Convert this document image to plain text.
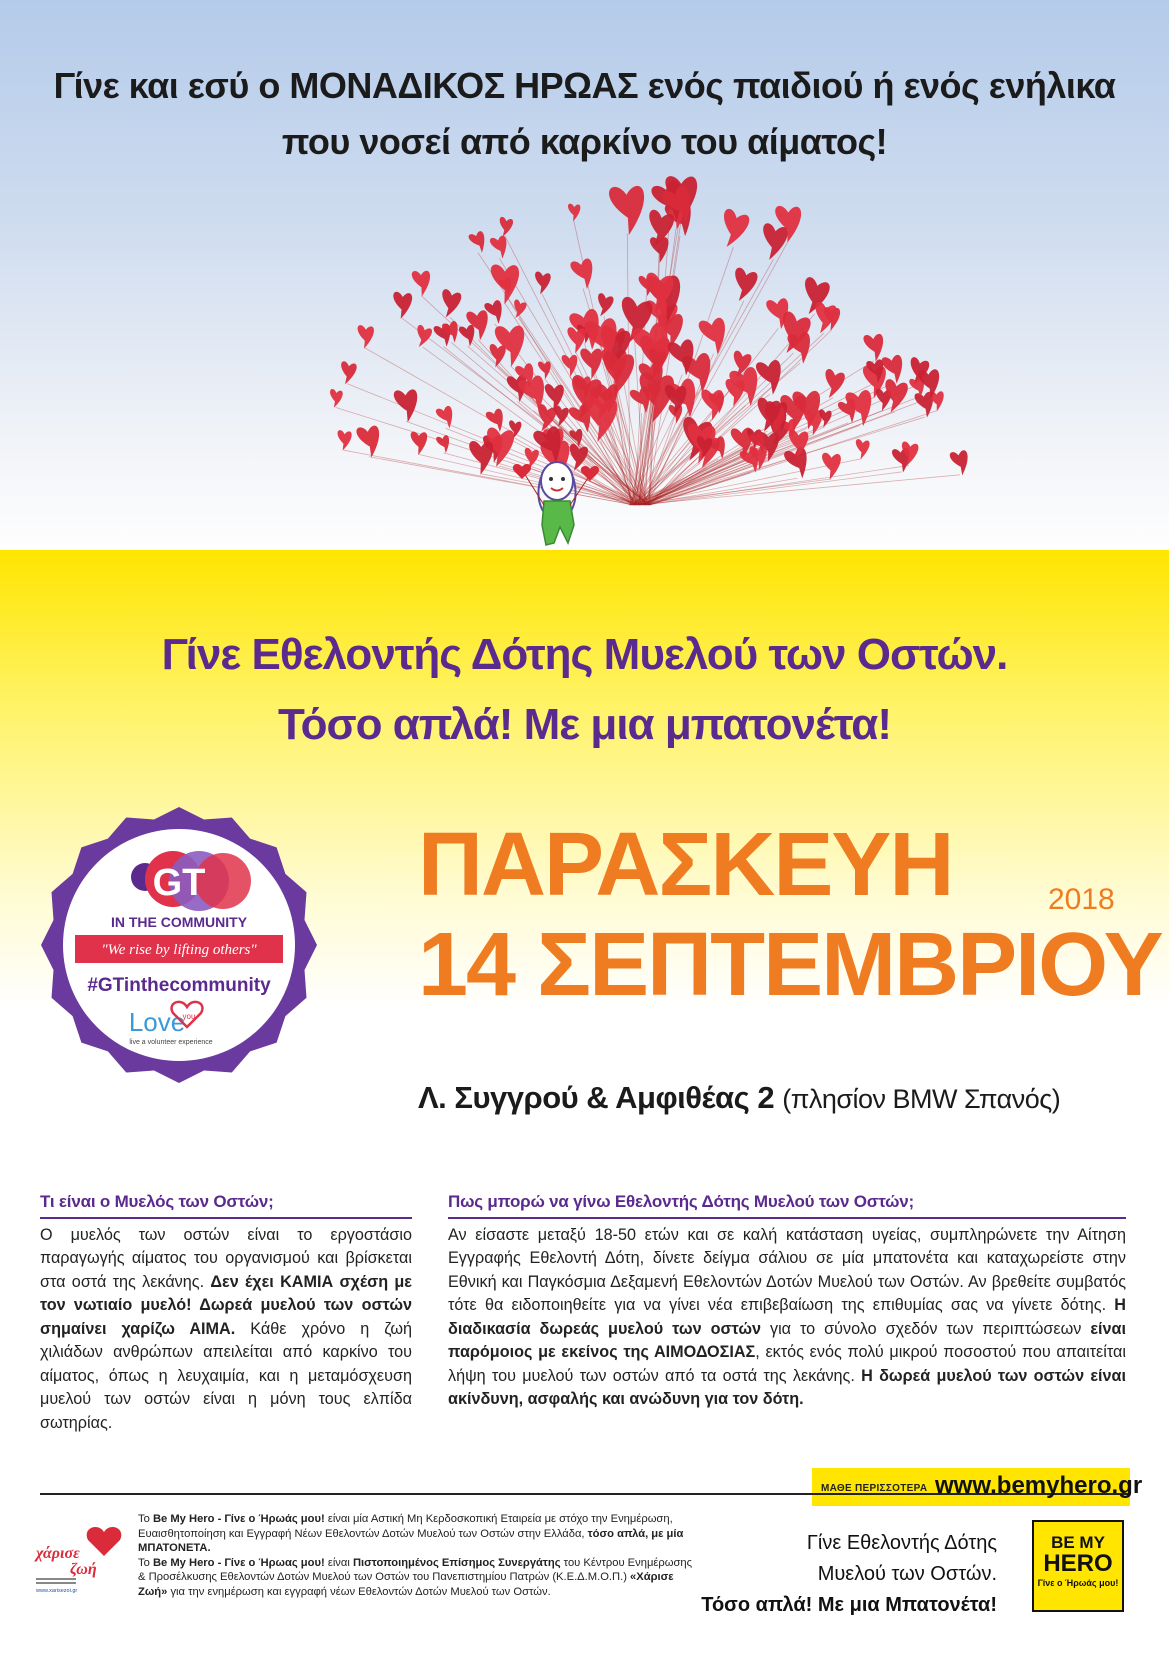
Γίνε και εσύ ο ΜΟΝΑΔΙΚΟΣ ΗΡΩΑΣ ενός παιδιού ή ενός ενήλικα
που νοσεί από καρκίνο του αίματος!
Γίνε Εθελοντής Δότης Μυελού των Οστών.
Τόσο απλά! Με μια μπατονέτα!
GT
IN THE COMMUNITY
"We rise by lifting others"
#GTinthecommunity
Love
you
live a volunteer experience
ΠΑΡΑΣΚΕΥΗ	2018
14 ΣΕΠΤΕΜΒΡΙΟΥ
Λ. Συγγρού & Αμφιθέας 2 (πλησίον BMW Σπανός)
Τι είναι ο Μυελός των Οστών;

Ο μυελός των οστών είναι το εργοστάσιο παραγωγής αίματος του οργανισμού και βρίσκεται στα οστά της λεκάνης. Δεν έχει ΚΑΜΙΑ σχέση με τον νωτιαίο μυελό! Δωρεά μυελού των οστών σημαίνει χαρίζω ΑΙΜΑ. Κάθε χρόνο η ζωή χιλιάδων ανθρώπων απειλείται από καρκίνο του αίματος, όπως η λευχαιμία, και η μεταμόσχευση μυελού των οστών είναι η μόνη τους ελπίδα σωτηρίας.

Πως μπορώ να γίνω Εθελοντής Δότης Μυελού των Οστών;

Αν είσαστε μεταξύ 18-50 ετών και σε καλή κατάσταση υγείας, συμπληρώνετε την Αίτηση Εγγραφής Εθελοντή Δότη, δίνετε δείγμα σάλιου σε μία μπατονέτα και καταχωρείστε στην Εθνική και Παγκόσμια Δεξαμενή Εθελοντών Δοτών Μυελού των Οστών. Αν βρεθείτε συμβατός τότε θα ειδοποιηθείτε για να γίνει νέα επιβεβαίωση της επιθυμίας σας να γίνετε δότης. Η διαδικασία δωρεάς μυελού των οστών για το σύνολο σχεδόν των περιπτώσεων είναι παρόμοιος με εκείνος της ΑΙΜΟΔΟΣΙΑΣ, εκτός ενός πολύ μικρού ποσοστού που απαιτείται λήψη του μυελού των οστών από τα οστά της λεκάνης. Η δωρεά μυελού των οστών είναι ακίνδυνη, ασφαλής και ανώδυνη για τον δότη.

ΜΑΘΕ ΠΕΡΙΣΣΟΤΕΡΑ www.bemyhero.gr
χάρισε
ζωή
www.xarisezoi.gr
Το Be My Hero - Γίνε ο Ήρωάς μου! είναι μία Αστική Μη Κερδοσκοπική Εταιρεία με στόχο την Ενημέρωση, Ευαισθητοποίηση και Εγγραφή Νέων Εθελοντών Δοτών Μυελού των Οστών στην Ελλάδα, τόσο απλά, με μία ΜΠΑΤΟΝΕΤΑ.
Το Be My Hero - Γίνε ο Ήρωας μου! είναι Πιστοποιημένος Επίσημος Συνεργάτης του Κέντρου Ενημέρωσης & Προσέλκυσης Εθελοντών Δοτών Μυελού των Οστών του Πανεπιστημίου Πατρών (Κ.Ε.Δ.Μ.Ο.Π.) «Χάρισε Ζωή» για την ενημέρωση και εγγραφή νέων Εθελοντών Δοτών Μυελού των Οστών.
Γίνε Εθελοντής Δότης
Μυελού των Οστών.
Τόσο απλά! Με μια Μπατονέτα!
BE MY
HERO
Γίνε ο Ήρωάς μου!
